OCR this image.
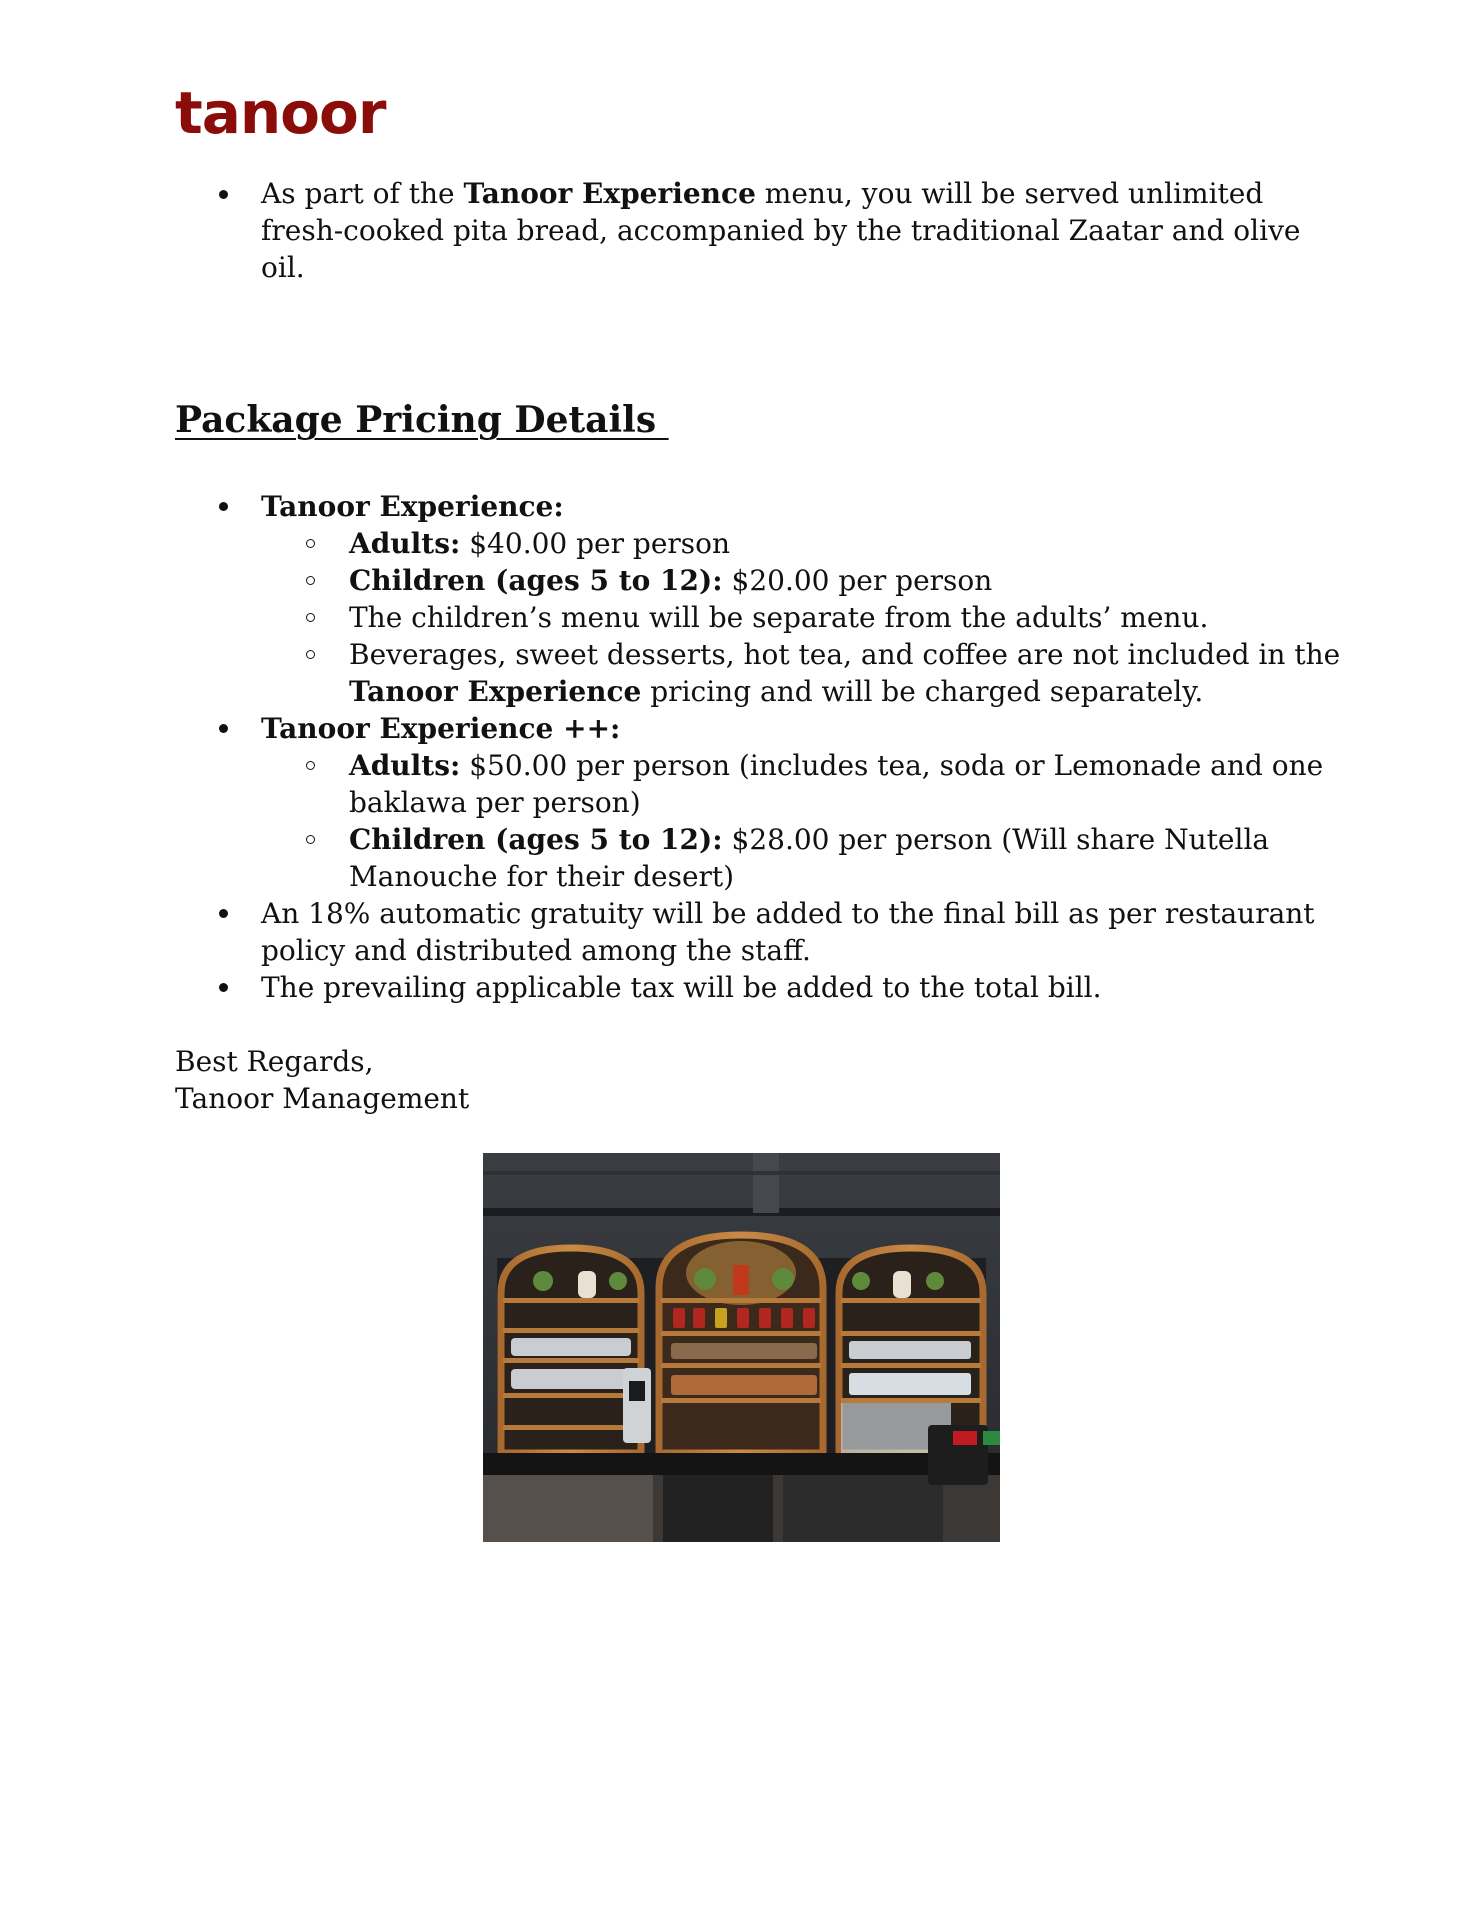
tanoor
As part of the Tanoor Experience menu, you will be served unlimited fresh-cooked pita bread, accompanied by the traditional Zaatar and olive oil.
Package Pricing Details
Tanoor Experience:
Adults: $40.00 per person
Children (ages 5 to 12): $20.00 per person
The children’s menu will be separate from the adults’ menu.
Beverages, sweet desserts, hot tea, and coffee are not included in the
Tanoor Experience pricing and will be charged separately.
Tanoor Experience ++:
Adults: $50.00 per person (includes tea, soda or Lemonade and one
baklawa per person)
Children (ages 5 to 12): $28.00 per person (Will share Nutella
Manouche for their desert)
An 18% automatic gratuity will be added to the final bill as per restaurant
policy and distributed among the staff.
The prevailing applicable tax will be added to the total bill.
Best Regards,
Tanoor Management
